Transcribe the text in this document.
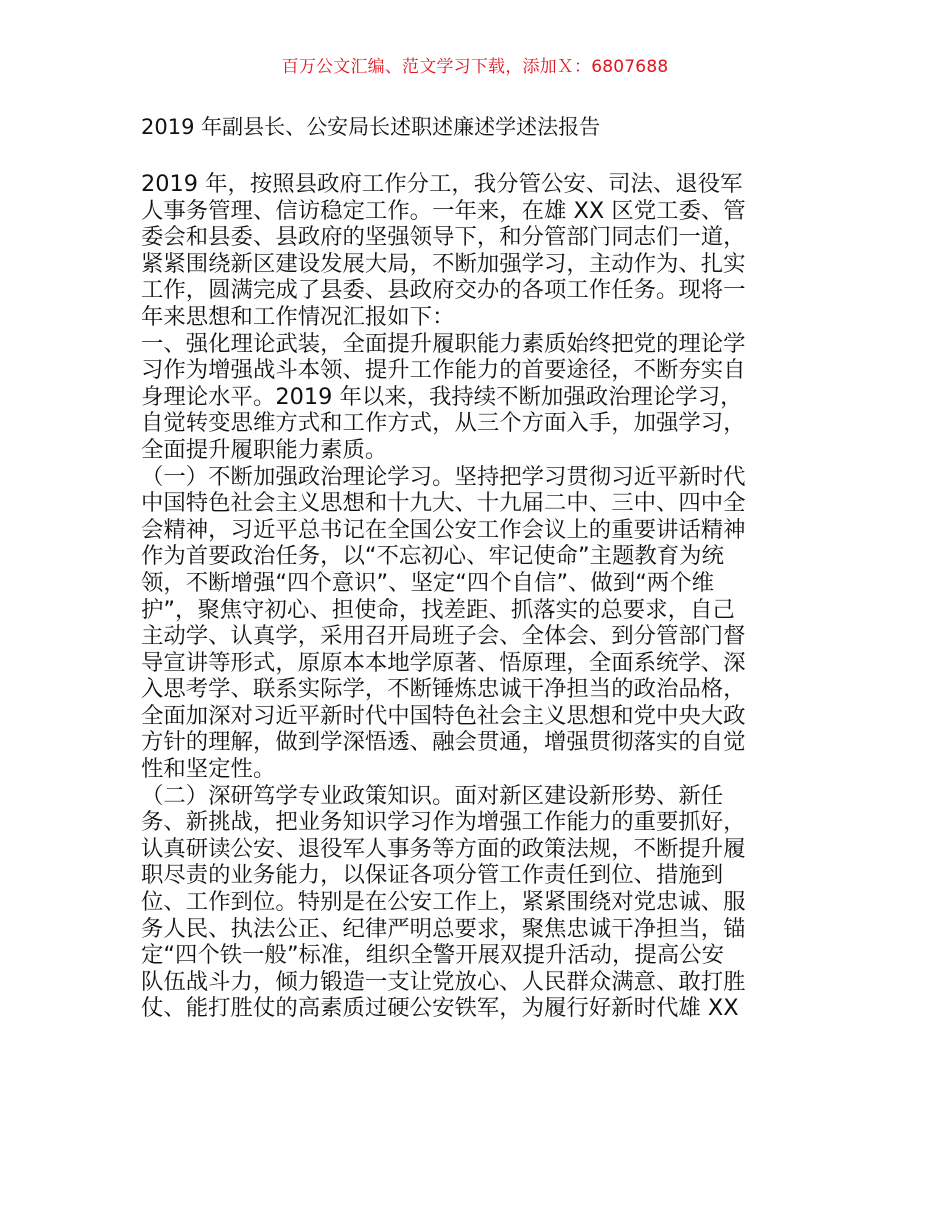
百万公文汇编、范文学习下载，添加Ｘ：6807688
2019 年副县长、公安局长述职述廉述学述法报告
2019 年，按照县政府工作分工，我分管公安、司法、退役军
人事务管理、信访稳定工作。一年来，在雄 XX 区党工委、管
委会和县委、县政府的坚强领导下，和分管部门同志们一道，
紧紧围绕新区建设发展大局，不断加强学习，主动作为、扎实
工作，圆满完成了县委、县政府交办的各项工作任务。现将一
年来思想和工作情况汇报如下：
一、强化理论武装，全面提升履职能力素质始终把党的理论学
习作为增强战斗本领、提升工作能力的首要途径，不断夯实自
身理论水平。2019 年以来，我持续不断加强政治理论学习，
自觉转变思维方式和工作方式，从三个方面入手，加强学习，
全面提升履职能力素质。
（一）不断加强政治理论学习。坚持把学习贯彻习近平新时代
中国特色社会主义思想和十九大、十九届二中、三中、四中全
会精神，习近平总书记在全国公安工作会议上的重要讲话精神
作为首要政治任务，以“不忘初心、牢记使命”主题教育为统
领，不断增强“四个意识”、坚定“四个自信”、做到“两个维
护”，聚焦守初心、担使命，找差距、抓落实的总要求，自己
主动学、认真学，采用召开局班子会、全体会、到分管部门督
导宣讲等形式，原原本本地学原著、悟原理，全面系统学、深
入思考学、联系实际学，不断锤炼忠诚干净担当的政治品格，
全面加深对习近平新时代中国特色社会主义思想和党中央大政
方针的理解，做到学深悟透、融会贯通，增强贯彻落实的自觉
性和坚定性。
（二）深研笃学专业政策知识。面对新区建设新形势、新任
务、新挑战，把业务知识学习作为增强工作能力的重要抓好，
认真研读公安、退役军人事务等方面的政策法规，不断提升履
职尽责的业务能力，以保证各项分管工作责任到位、措施到
位、工作到位。特别是在公安工作上，紧紧围绕对党忠诚、服
务人民、执法公正、纪律严明总要求，聚焦忠诚干净担当，锚
定“四个铁一般”标准，组织全警开展双提升活动，提高公安
队伍战斗力，倾力锻造一支让党放心、人民群众满意、敢打胜
仗、能打胜仗的高素质过硬公安铁军，为履行好新时代雄 XX
